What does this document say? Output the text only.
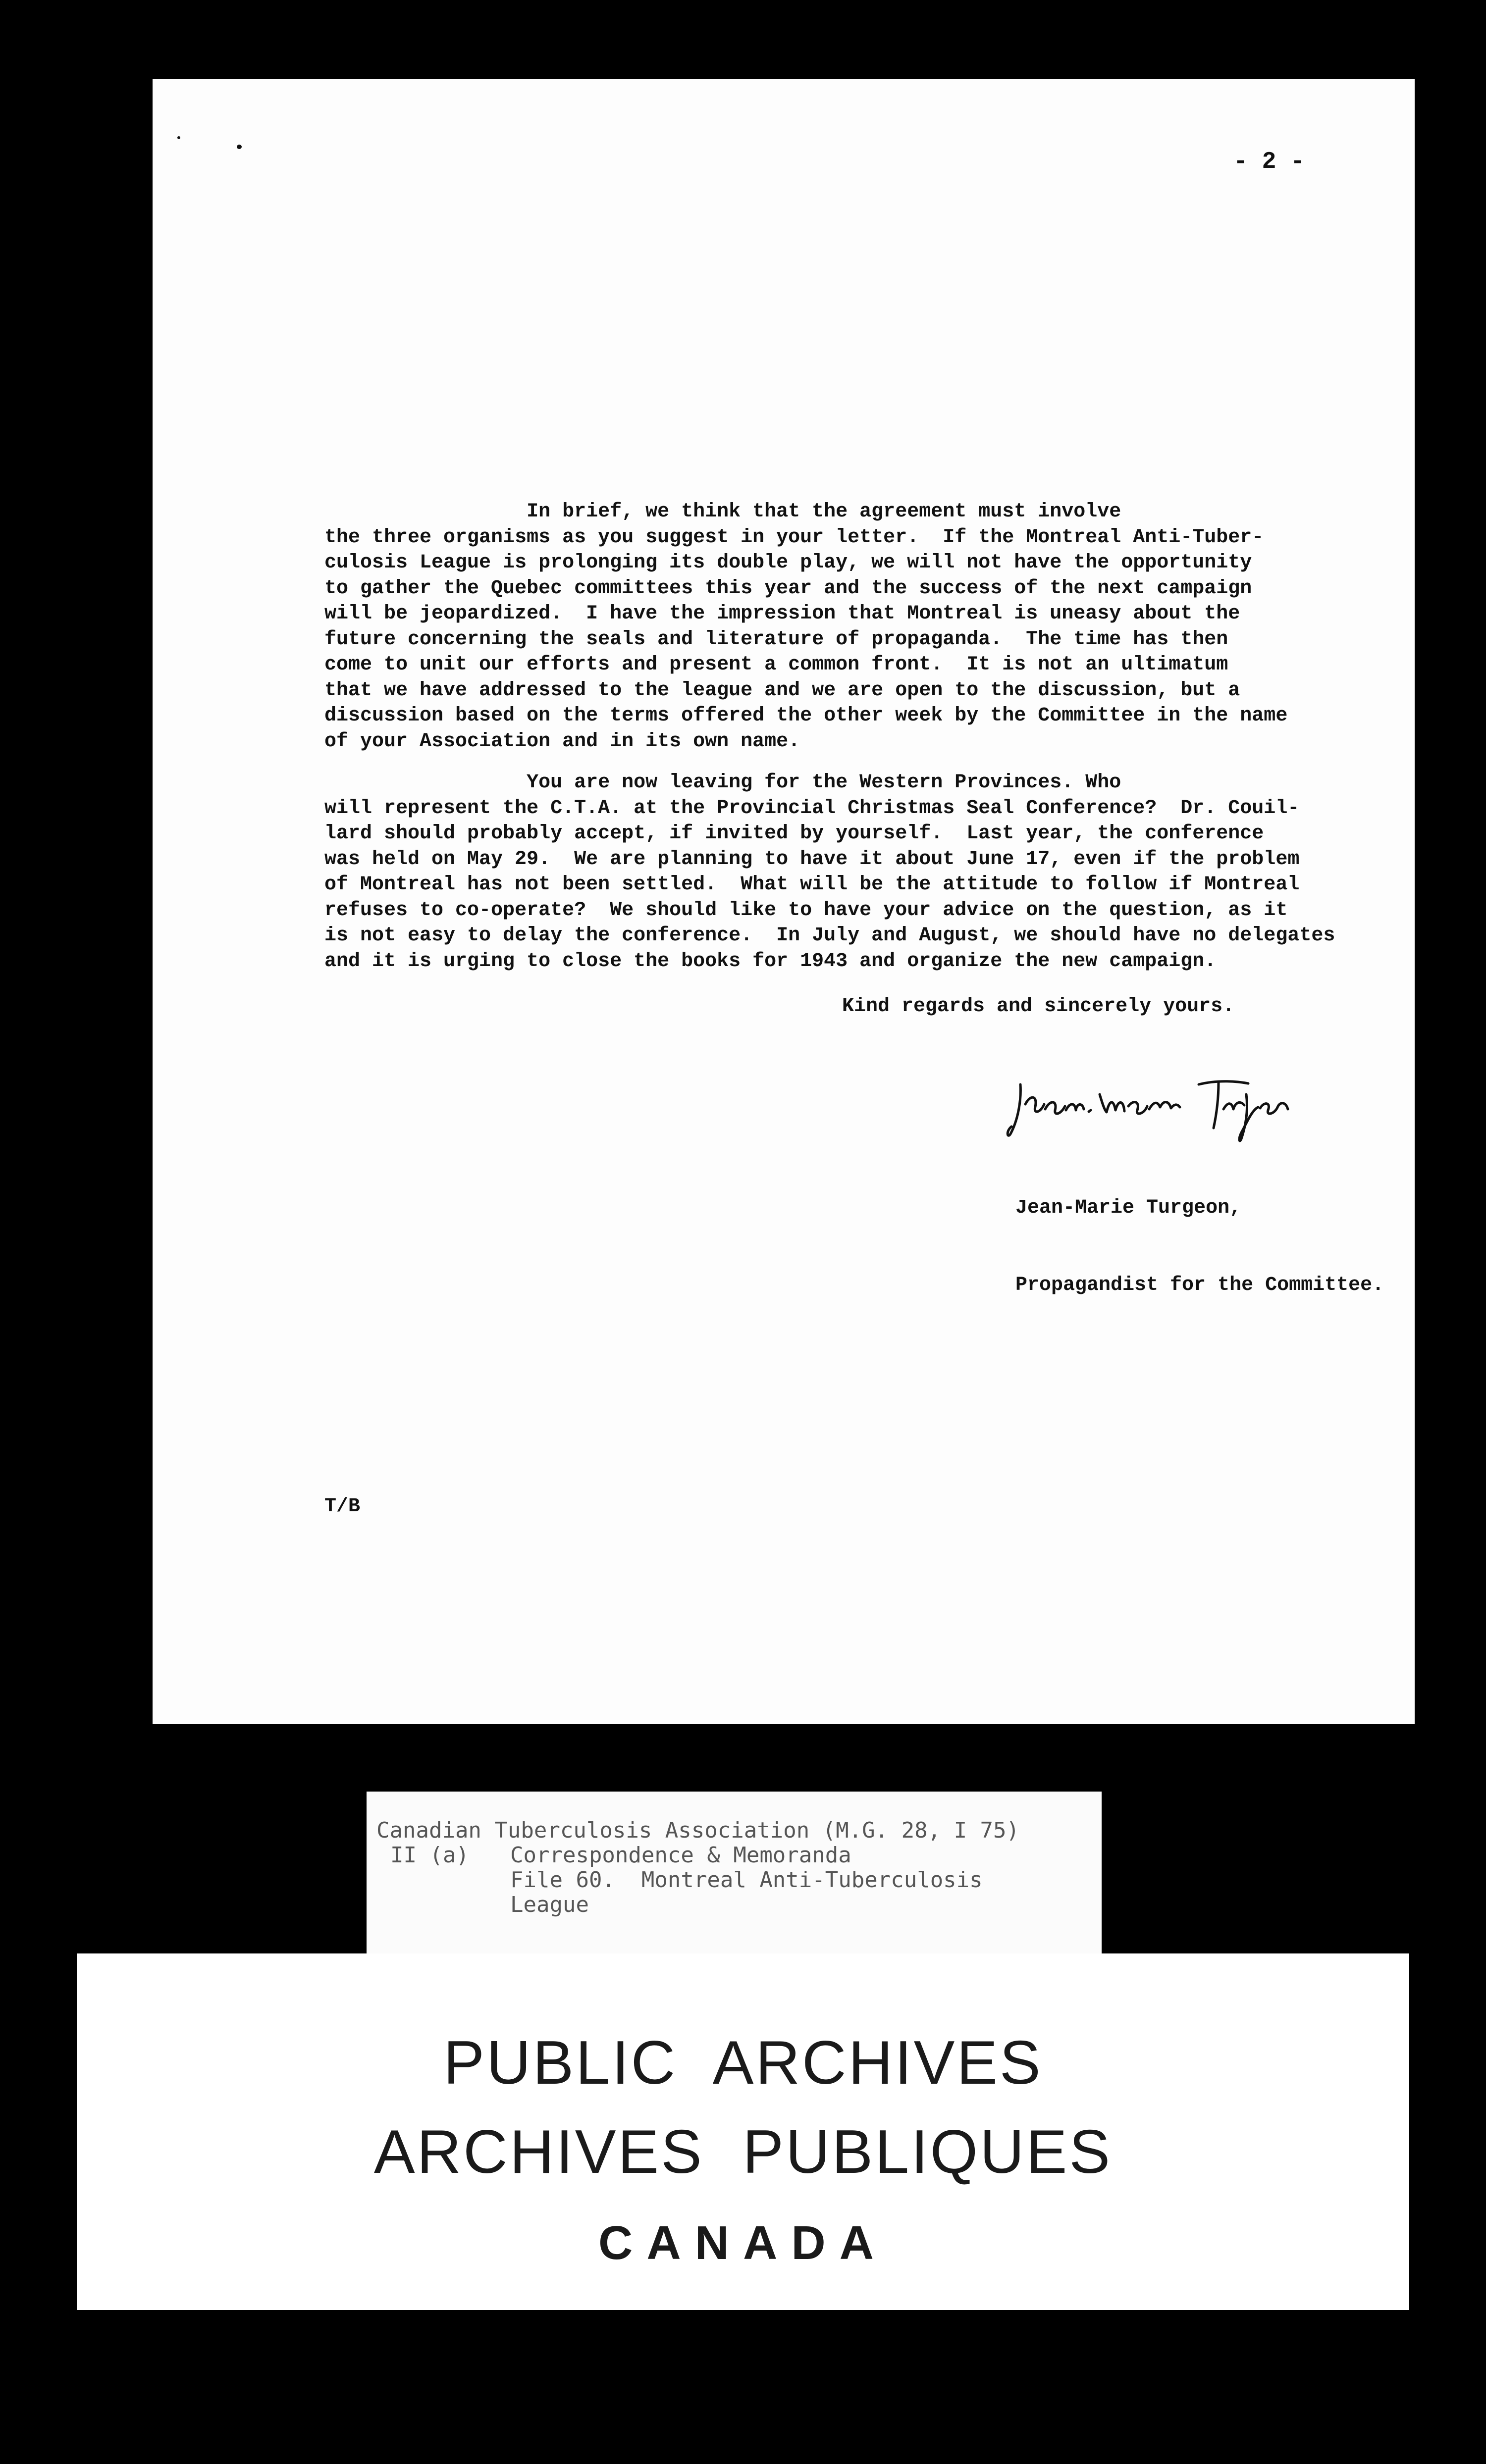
- 2 -
In brief, we think that the agreement must involve
the three organisms as you suggest in your letter.  If the Montreal Anti-Tuber-
culosis League is prolonging its double play, we will not have the opportunity
to gather the Quebec committees this year and the success of the next campaign
will be jeopardized.  I have the impression that Montreal is uneasy about the
future concerning the seals and literature of propaganda.  The time has then
come to unit our efforts and present a common front.  It is not an ultimatum
that we have addressed to the league and we are open to the discussion, but a
discussion based on the terms offered the other week by the Committee in the name
of your Association and in its own name.
You are now leaving for the Western Provinces. Who
will represent the C.T.A. at the Provincial Christmas Seal Conference?  Dr. Couil-
lard should probably accept, if invited by yourself.  Last year, the conference
was held on May 29.  We are planning to have it about June 17, even if the problem
of Montreal has not been settled.  What will be the attitude to follow if Montreal
refuses to co-operate?  We should like to have your advice on the question, as it
is not easy to delay the conference.  In July and August, we should have no delegates
and it is urging to close the books for 1943 and organize the new campaign.
Kind regards and sincerely yours.

Jean-Marie Turgeon,

Propagandist for the Committee.

T/B
Canadian Tuberculosis Association (M.G. 28, I 75)
II (a) Correspondence & Memoranda
File 60.  Montreal Anti-Tuberculosis
League
PUBLIC ARCHIVES
ARCHIVES PUBLIQUES
CANADA
